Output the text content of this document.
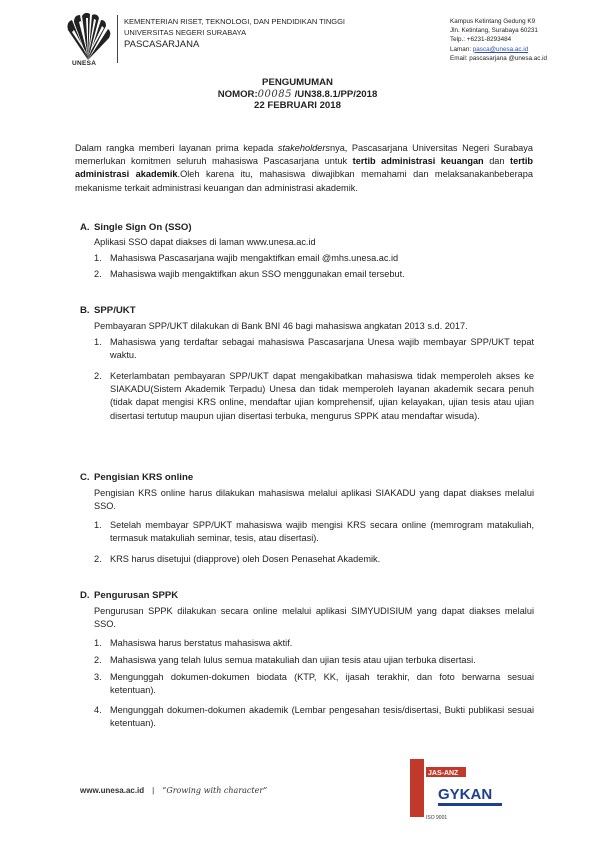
UNESA
KEMENTERIAN RISET, TEKNOLOGI, DAN PENDIDIKAN TINGGI
UNIVERSITAS NEGERI SURABAYA
PASCASARJANA
Kampus Ketintang Gedung K9
Jln. Ketintang, Surabaya 60231
Telp.: +6231-8293484
Laman: pasca@unesa.ac.id
Email: pascasarjana @unesa.ac.id
PENGUMUMAN
NOMOR:00085 /UN38.8.1/PP/2018
22 FEBRUARI 2018
Dalam rangka memberi layanan prima kepada stakeholdersnya, Pascasarjana Universitas Negeri Surabaya memerlukan komitmen seluruh mahasiswa Pascasarjana untuk tertib administrasi keuangan dan tertib administrasi akademik.Oleh karena itu, mahasiswa diwajibkan memahami dan melaksanakanbeberapa mekanisme terkait administrasi keuangan dan administrasi akademik.
A. Single Sign On (SSO)
Aplikasi SSO dapat diakses di laman www.unesa.ac.id
1. Mahasiswa Pascasarjana wajib mengaktifkan email @mhs.unesa.ac.id
2. Mahasiswa wajib mengaktifkan akun SSO menggunakan email tersebut.
B. SPP/UKT
Pembayaran SPP/UKT dilakukan di Bank BNI 46 bagi mahasiswa angkatan 2013 s.d. 2017.
1. Mahasiswa yang terdaftar sebagai mahasiswa Pascasarjana Unesa wajib membayar SPP/UKT tepat waktu.
2. Keterlambatan pembayaran SPP/UKT dapat mengakibatkan mahasiswa tidak memperoleh akses ke SIAKADU(Sistem Akademik Terpadu) Unesa dan tidak memperoleh layanan akademik secara penuh (tidak dapat mengisi KRS online, mendaftar ujian komprehensif, ujian kelayakan, ujian tesis atau ujian disertasi tertutup maupun ujian disertasi terbuka, mengurus SPPK atau mendaftar wisuda).
C. Pengisian KRS online
Pengisian KRS online harus dilakukan mahasiswa melalui aplikasi SIAKADU yang dapat diakses melalui SSO.
1. Setelah membayar SPP/UKT mahasiswa wajib mengisi KRS secara online (memrogram matakuliah, termasuk matakuliah seminar, tesis, atau disertasi).
2. KRS harus disetujui (diapprove) oleh Dosen Penasehat Akademik.
D. Pengurusan SPPK
Pengurusan SPPK dilakukan secara online melalui aplikasi SIMYUDISIUM yang dapat diakses melalui SSO.
1. Mahasiswa harus berstatus mahasiswa aktif.
2. Mahasiswa yang telah lulus semua matakuliah dan ujian tesis atau ujian terbuka disertasi.
3. Mengunggah dokumen-dokumen biodata (KTP, KK, ijasah terakhir, dan foto berwarna sesuai ketentuan).
4. Mengunggah dokumen-dokumen akademik (Lembar pengesahan tesis/disertasi, Bukti publikasi sesuai ketentuan).
www.unesa.ac.id | “Growing with character”
JAS-ANZ
GYKAN
ISO 9001
